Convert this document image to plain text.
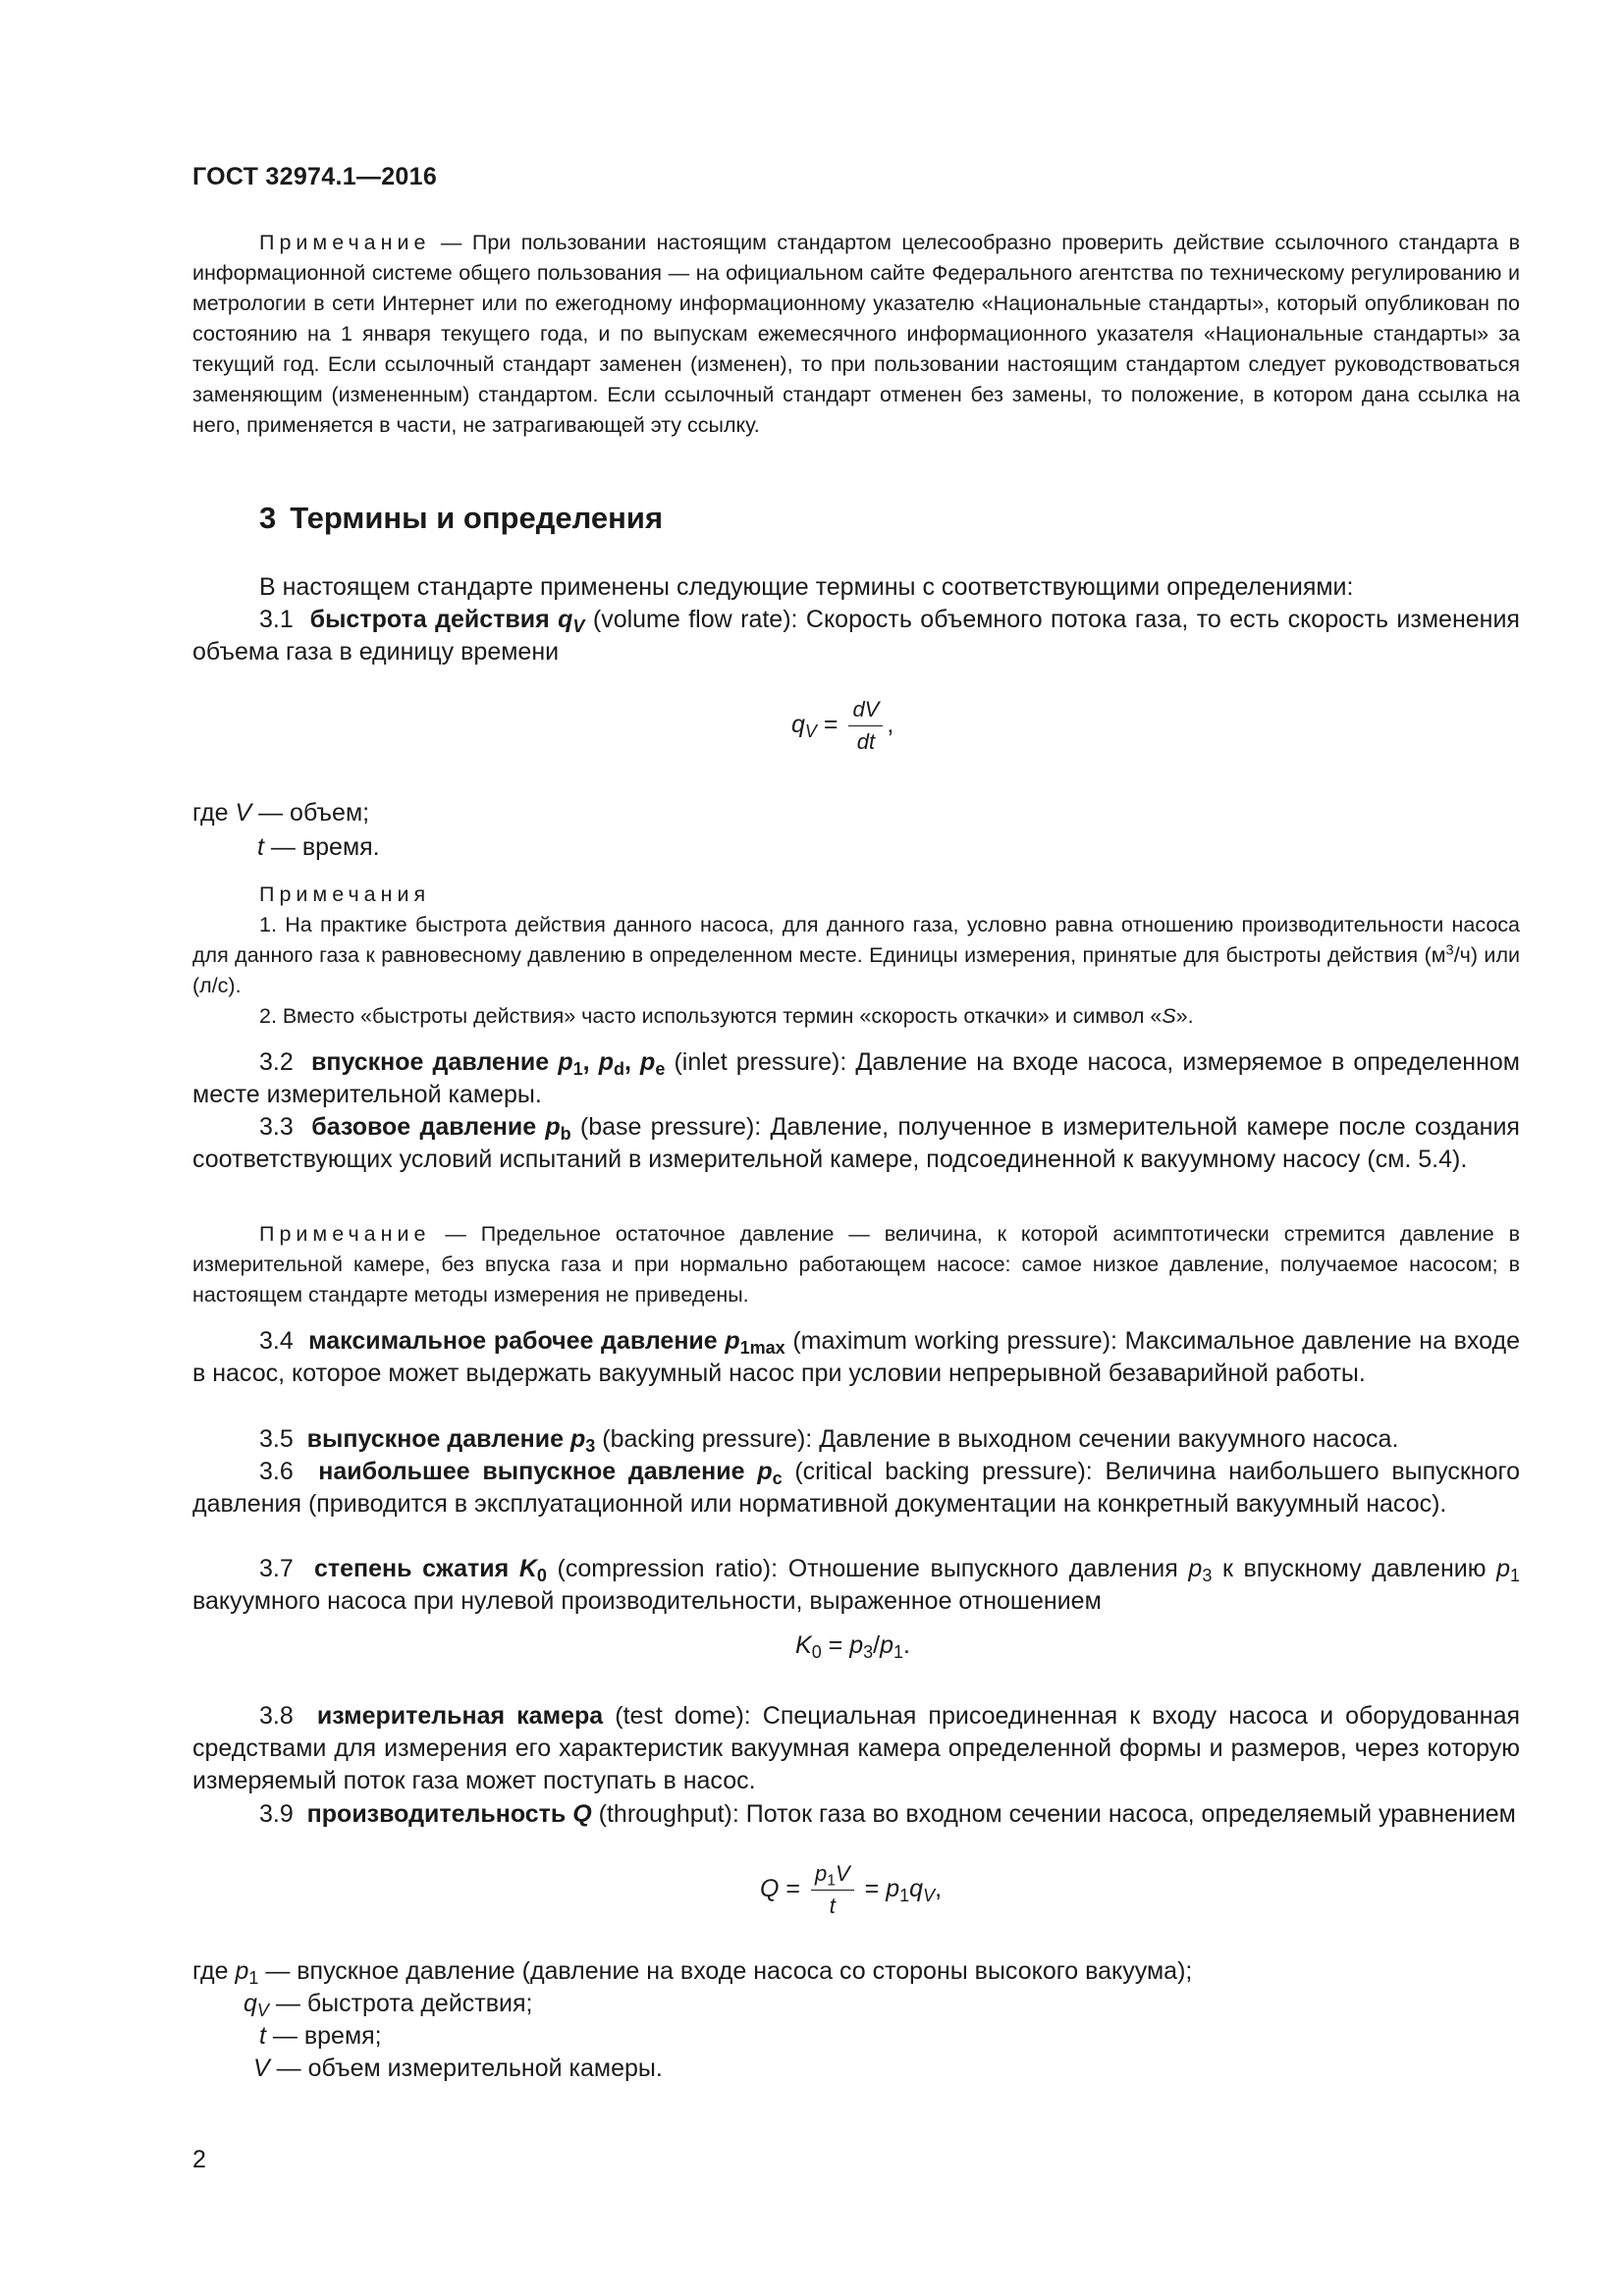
ГОСТ 32974.1—2016
Примечание — При пользовании настоящим стандартом целесообразно проверить действие ссылочного стандарта в информационной системе общего пользования — на официальном сайте Федерального агентства по техническому регулированию и метрологии в сети Интернет или по ежегодному информационному указателю «Национальные стандарты», который опубликован по состоянию на 1 января текущего года, и по выпускам ежемесячного информационного указателя «Национальные стандарты» за текущий год. Если ссылочный стандарт заменен (изменен), то при пользовании настоящим стандартом следует руководствоваться заменяющим (измененным) стандартом. Если ссылочный стандарт отменен без замены, то положение, в котором дана ссылка на него, применяется в части, не затрагивающей эту ссылку.
3 Термины и определения
В настоящем стандарте применены следующие термины с соответствующими определениями:
3.1 быстрота действия $q_V$ (volume flow rate): Скорость объемного потока газа, то есть скорость изменения объема газа в единицу времени
$q_V = \frac{dV}{dt}$ ,
где V — объем;
t — время.
Примечания
1. На практике быстрота действия данного насоса, для данного газа, условно равна отношению производительности насоса для данного газа к равновесному давлению в определенном месте. Единицы измерения, принятые для быстроты действия $(м^3/ч)$ или (л/с).
2. Вместо «быстроты действия» часто используются термин «скорость откачки» и символ «S».
3.2 впускное давление $p_1$, $p_d$, $p_e$ (inlet pressure): Давление на входе насоса, измеряемое в определенном месте измерительной камеры.
3.3 базовое давление $p_b$ (base pressure): Давление, полученное в измерительной камере после создания соответствующих условий испытаний в измерительной камере, подсоединенной к вакуумному насосу (см. 5.4).
Примечание — Предельное остаточное давление — величина, к которой асимптотически стремится давление в измерительной камере, без впуска газа и при нормально работающем насосе: самое низкое давление, получаемое насосом; в настоящем стандарте методы измерения не приведены.
3.4 максимальное рабочее давление $p_{1max}$ (maximum working pressure): Максимальное давление на входе в насос, которое может выдержать вакуумный насос при условии непрерывной безаварийной работы.
3.5 выпускное давление $p_3$ (backing pressure): Давление в выходном сечении вакуумного насоса.
3.6 наибольшее выпускное давление $p_c$ (critical backing pressure): Величина наибольшего выпускного давления (приводится в эксплуатационной или нормативной документации на конкретный вакуумный насос).
3.7 степень сжатия $K_0$ (compression ratio): Отношение выпускного давления $p_3$ к впускному давлению $p_1$ вакуумного насоса при нулевой производительности, выраженное отношением
$K_0 = p_3/p_1$.
3.8 измерительная камера (test dome): Специальная присоединенная к входу насоса и оборудованная средствами для измерения его характеристик вакуумная камера определенной формы и размеров, через которую измеряемый поток газа может поступать в насос.
3.9 производительность Q (throughput): Поток газа во входном сечении насоса, определяемый уравнением
$Q = \frac{p_1V}{t} = p_1q_V$,
где $p_1$ — впускное давление (давление на входе насоса со стороны высокого вакуума);
$q_V$ — быстрота действия;
t — время;
V — объем измерительной камеры.
2
